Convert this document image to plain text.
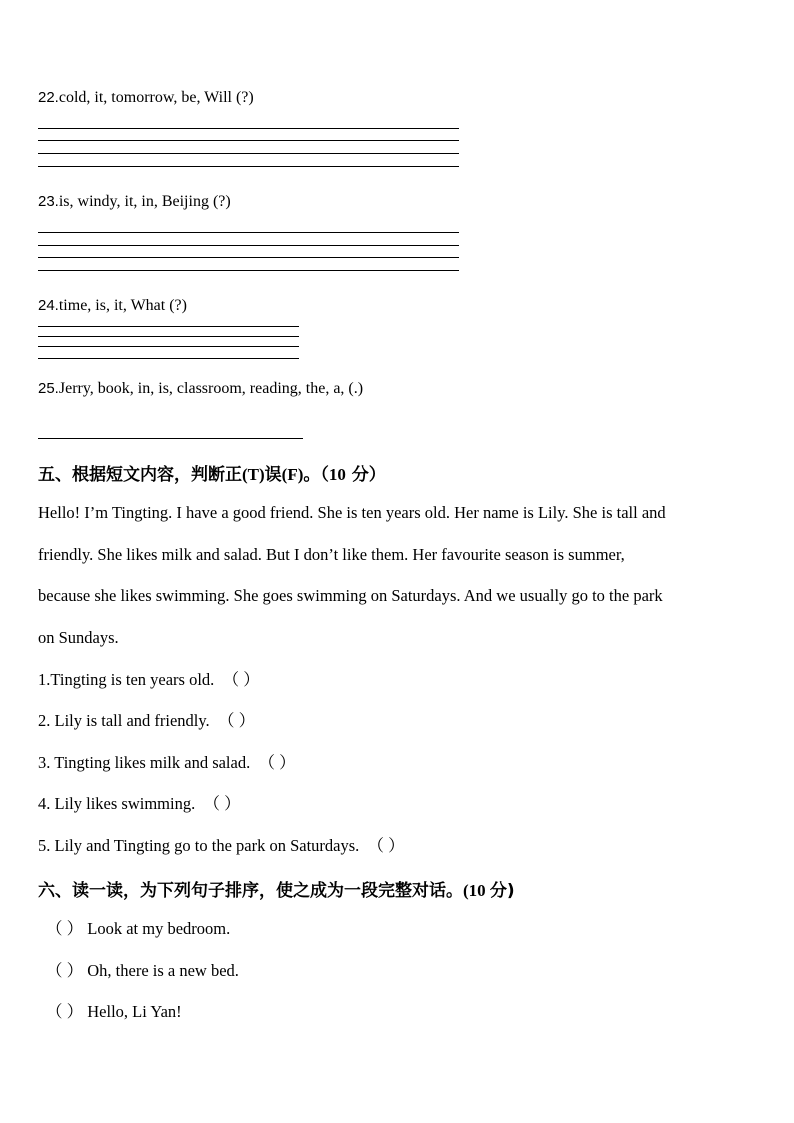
22.cold, it, tomorrow, be, Will (?)
23.is, windy, it, in, Beijing (?)
24.time, is, it, What (?)
25.Jerry, book, in, is, classroom, reading, the, a, (.)
五、根据短文内容，判断正(T)误(F)。（10 分）
Hello! I’m Tingting. I have a good friend. She is ten years old. Her name is Lily. She is tall and
friendly. She likes milk and salad. But I don’t like them. Her favourite season is summer,
because she likes swimming. She goes swimming on Saturdays. And we usually go to the park
on Sundays.
1.Tingting is ten years old. （ ）
2. Lily is tall and friendly. （ ）
3. Tingting likes milk and salad. （ ）
4. Lily likes swimming. （ ）
5. Lily and Tingting go to the park on Saturdays. （ ）
六、读一读，为下列句子排序，使之成为一段完整对话。(10 分)
（ ） Look at my bedroom.
（ ） Oh, there is a new bed.
（ ） Hello, Li Yan!
